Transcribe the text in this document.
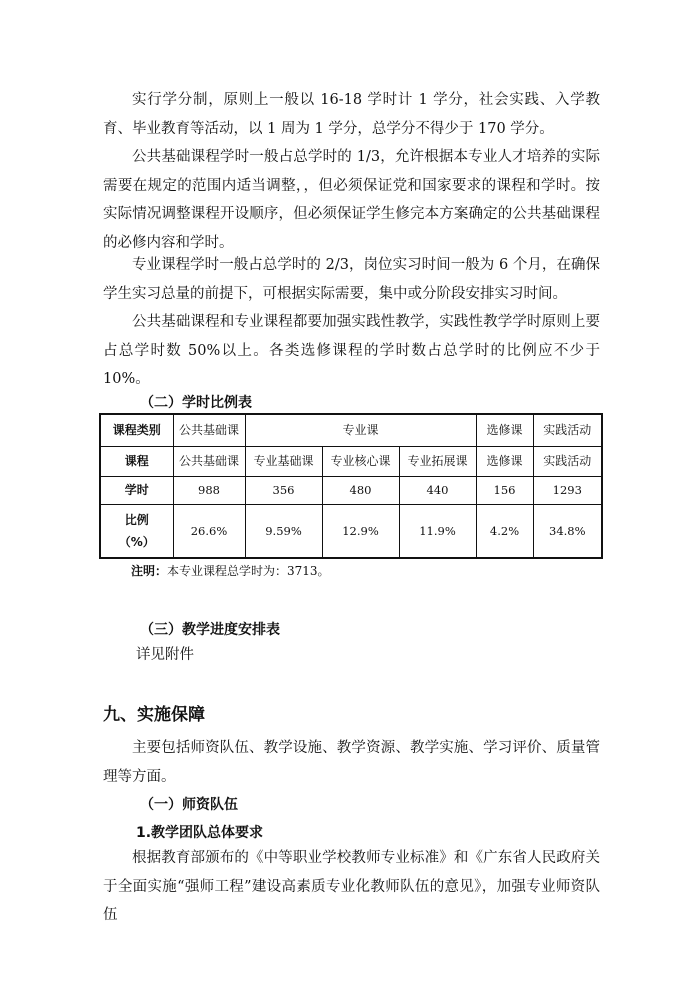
实行学分制，原则上一般以 16-18 学时计 1 学分，社会实践、入学教育、毕业教育等活动，以 1 周为 1 学分，总学分不得少于 170 学分。

公共基础课程学时一般占总学时的 1/3，允许根据本专业人才培养的实际需要在规定的范围内适当调整，，但必须保证党和国家要求的课程和学时。按实际情况调整课程开设顺序，但必须保证学生修完本方案确定的公共基础课程的必修内容和学时。

专业课程学时一般占总学时的 2/3，岗位实习时间一般为 6 个月，在确保学生实习总量的前提下，可根据实际需要，集中或分阶段安排实习时间。

公共基础课程和专业课程都要加强实践性教学，实践性教学学时原则上要占总学时数 50%以上。各类选修课程的学时数占总学时的比例应不少于 10%。

（二）学时比例表

课程类别	公共基础课	专业课			选修课	实践活动
课程	公共基础课	专业基础课	专业核心课	专业拓展课	选修课	实践活动
学时	988	356	480	440	156	1293

比例
（%）	26.6%	9.59%	12.9%	11.9%	4.2%	34.8%

注明：本专业课程总学时为：3713。

（三）教学进度安排表

详见附件

九、实施保障

主要包括师资队伍、教学设施、教学资源、教学实施、学习评价、质量管理等方面。

（一）师资队伍

1.教学团队总体要求

根据教育部颁布的《中等职业学校教师专业标准》和《广东省人民政府关于全面实施“强师工程”建设高素质专业化教师队伍的意见》，加强专业师资队伍
